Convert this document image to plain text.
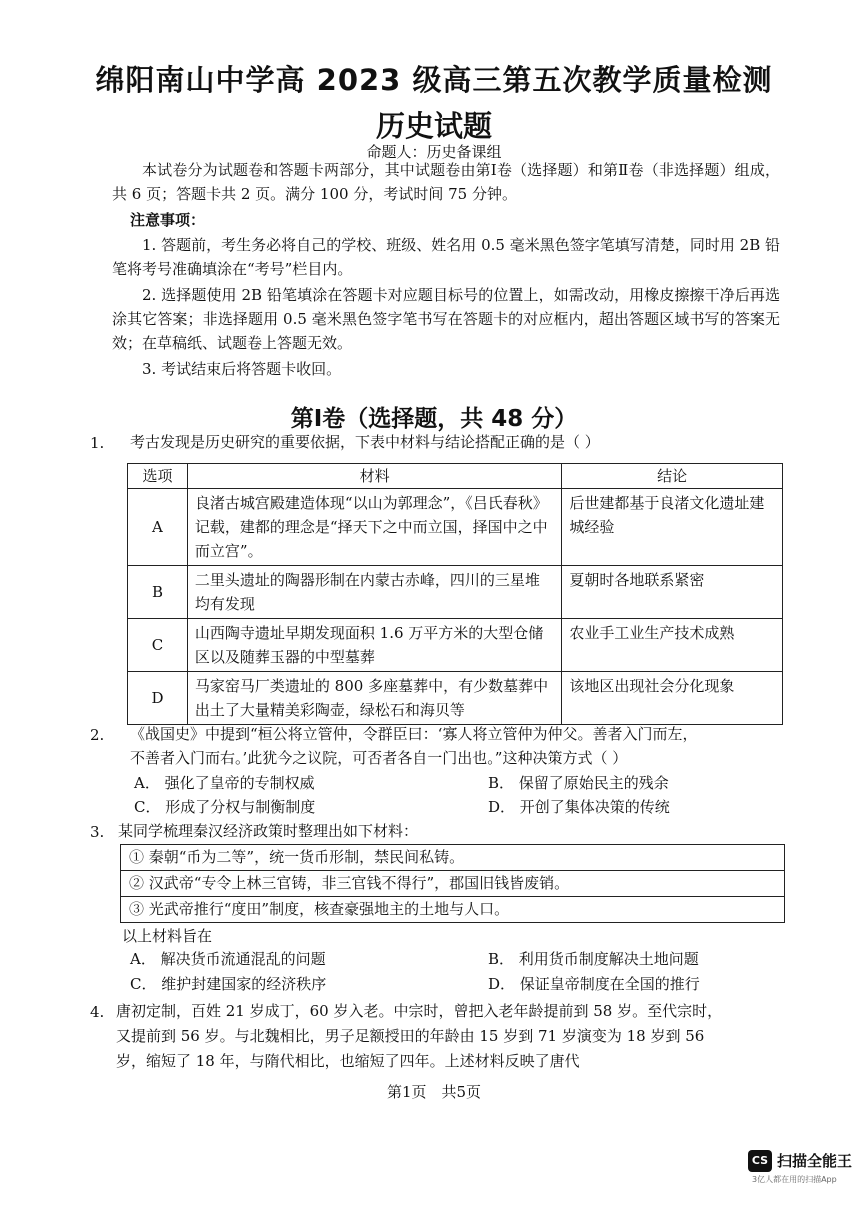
绵阳南山中学高 2023 级高三第五次教学质量检测
历史试题
命题人：历史备课组
本试卷分为试题卷和答题卡两部分，其中试题卷由第Ⅰ卷（选择题）和第Ⅱ卷（非选择题）组成，共 6 页；答题卡共 2 页。满分 100 分，考试时间 75 分钟。
注意事项：
1. 答题前，考生务必将自己的学校、班级、姓名用 0.5 毫米黑色签字笔填写清楚，同时用 2B 铅笔将考号准确填涂在“考号”栏目内。
2. 选择题使用 2B 铅笔填涂在答题卡对应题目标号的位置上，如需改动，用橡皮擦擦干净后再选涂其它答案；非选择题用 0.5 毫米黑色签字笔书写在答题卡的对应框内，超出答题区域书写的答案无效；在草稿纸、试题卷上答题无效。
3. 考试结束后将答题卡收回。
第Ⅰ卷（选择题，共 48 分）
1. 考古发现是历史研究的重要依据，下表中材料与结论搭配正确的是（ ）
选项	材料	结论
A	良渚古城宫殿建造体现“以山为郭理念”，《吕氏春秋》记载，建都的理念是“择天下之中而立国，择国中之中而立宫”。	后世建都基于良渚文化遗址建城经验
B	二里头遗址的陶器形制在内蒙古赤峰，四川的三星堆均有发现	夏朝时各地联系紧密
C	山西陶寺遗址早期发现面积 1.6 万平方米的大型仓储区以及随葬玉器的中型墓葬	农业手工业生产技术成熟
D	马家窑马厂类遗址的 800 多座墓葬中，有少数墓葬中出土了大量精美彩陶壶，绿松石和海贝等	该地区出现社会分化现象
2. 《战国史》中提到“桓公将立管仲，令群臣曰：‘寡人将立管仲为仲父。善者入门而左，
不善者入门而右。’此犹今之议院，可否者各自一门出也。”这种决策方式（ ）
A． 强化了皇帝的专制权威	B． 保留了原始民主的残余
C． 形成了分权与制衡制度	D． 开创了集体决策的传统
3. 某同学梳理秦汉经济政策时整理出如下材料：
① 秦朝“币为二等”，统一货币形制，禁民间私铸。
② 汉武帝“专令上林三官铸，非三官钱不得行”，郡国旧钱皆废销。
③ 光武帝推行“度田”制度，核查豪强地主的土地与人口。
以上材料旨在
A． 解决货币流通混乱的问题	B． 利用货币制度解决土地问题
C． 维护封建国家的经济秩序	D． 保证皇帝制度在全国的推行
4. 唐初定制，百姓 21 岁成丁，60 岁入老。中宗时，曾把入老年龄提前到 58 岁。至代宗时，
又提前到 56 岁。与北魏相比，男子足额授田的年龄由 15 岁到 71 岁演变为 18 岁到 56
岁，缩短了 18 年，与隋代相比，也缩短了四年。上述材料反映了唐代
第1页　共5页
CS 扫描全能王
3亿人都在用的扫描App
